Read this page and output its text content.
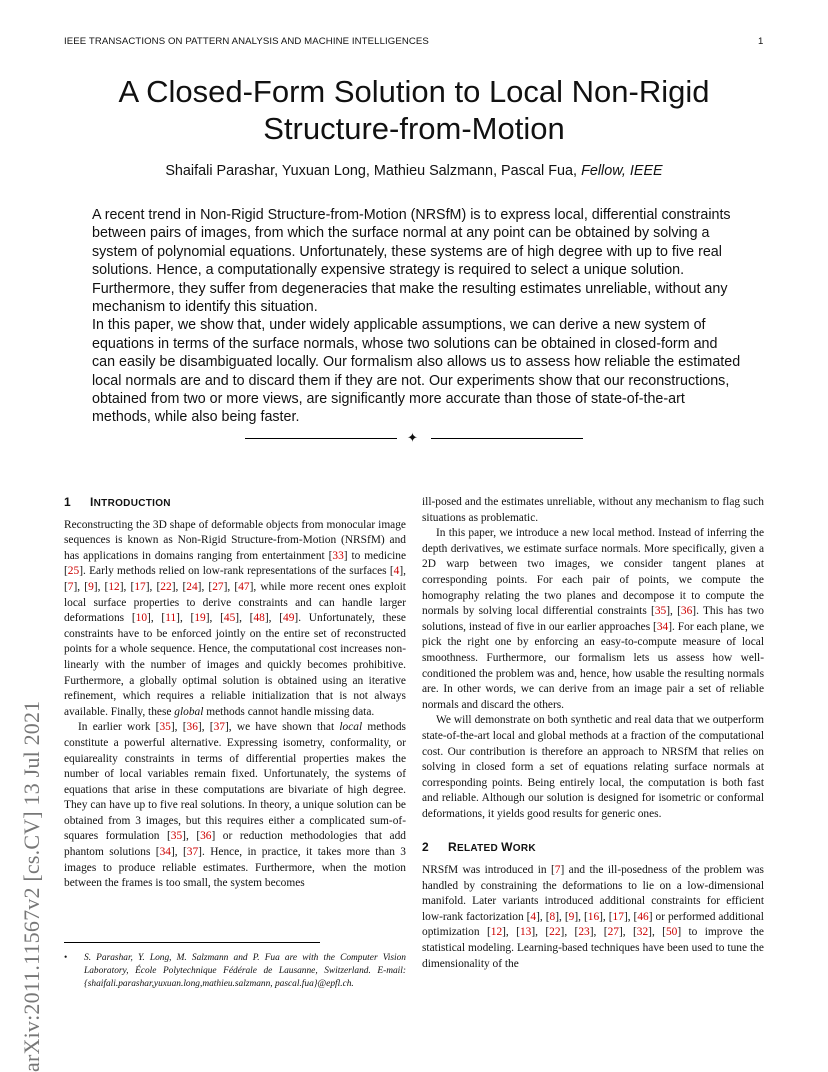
IEEE TRANSACTIONS ON PATTERN ANALYSIS AND MACHINE INTELLIGENCES	1
A Closed-Form Solution to Local Non-Rigid
Structure-from-Motion
Shaifali Parashar, Yuxuan Long, Mathieu Salzmann, Pascal Fua, Fellow, IEEE

A recent trend in Non-Rigid Structure-from-Motion (NRSfM) is to express local, differential constraints between pairs of images, from which the surface normal at any point can be obtained by solving a system of polynomial equations. Unfortunately, these systems are of high degree with up to five real solutions. Hence, a computationally expensive strategy is required to select a unique solution. Furthermore, they suffer from degeneracies that make the resulting estimates unreliable, without any mechanism to identify this situation.

In this paper, we show that, under widely applicable assumptions, we can derive a new system of equations in terms of the surface normals, whose two solutions can be obtained in closed-form and can easily be disambiguated locally. Our formalism also allows us to assess how reliable the estimated local normals are and to discard them if they are not. Our experiments show that our reconstructions, obtained from two or more views, are significantly more accurate than those of state-of-the-art methods, while also being faster.

✦
arXiv:2011.11567v2 [cs.CV] 13 Jul 2021
1 INTRODUCTION

Reconstructing the 3D shape of deformable objects from monocular image sequences is known as Non-Rigid Structure-from-Motion (NRSfM) and has applications in domains ranging from entertainment [33] to medicine [25]. Early methods relied on low-rank representations of the surfaces [4], [7], [9], [12], [17], [22], [24], [27], [47], while more recent ones exploit local surface properties to derive constraints and can handle larger deformations [10], [11], [19], [45], [48], [49]. Unfortunately, these constraints have to be enforced jointly on the entire set of reconstructed points for a whole sequence. Hence, the computational cost increases non-linearly with the number of images and quickly becomes prohibitive. Furthermore, a globally optimal solution is obtained using an iterative refinement, which requires a reliable initialization that is not always available. Finally, these global methods cannot handle missing data.

In earlier work [35], [36], [37], we have shown that local methods constitute a powerful alternative. Expressing isometry, conformality, or equiareality constraints in terms of differential properties makes the number of local variables remain fixed. Unfortunately, the systems of equations that arise in these computations are bivariate of high degree. They can have up to five real solutions. In theory, a unique solution can be obtained from 3 images, but this requires either a complicated sum-of-squares formulation [35], [36] or reduction methodologies that add phantom solutions [34], [37]. Hence, in practice, it takes more than 3 images to produce reliable estimates. Furthermore, when the motion between the frames is too small, the system becomes

• S. Parashar, Y. Long, M. Salzmann and P. Fua are with the Computer Vision Laboratory, École Polytechnique Fédérale de Lausanne, Switzerland. E-mail: {shaifali.parashar,yuxuan.long,mathieu.salzmann, pascal.fua}@epfl.ch.

ill-posed and the estimates unreliable, without any mechanism to flag such situations as problematic.

In this paper, we introduce a new local method. Instead of inferring the depth derivatives, we estimate surface normals. More specifically, given a 2D warp between two images, we consider tangent planes at corresponding points. For each pair of points, we compute the homography relating the two planes and decompose it to compute the normals by solving local differential constraints [35], [36]. This has two solutions, instead of five in our earlier approaches [34]. For each plane, we pick the right one by enforcing an easy-to-compute measure of local smoothness. Furthermore, our formalism lets us assess how well-conditioned the problem was and, hence, how usable the resulting normals are. In other words, we can derive from an image pair a set of reliable normals and discard the others.

We will demonstrate on both synthetic and real data that we outperform state-of-the-art local and global methods at a fraction of the computational cost. Our contribution is therefore an approach to NRSfM that relies on solving in closed form a set of equations relating surface normals at corresponding points. Being entirely local, the computation is both fast and reliable. Although our solution is designed for isometric or conformal deformations, it yields good results for generic ones.

2 RELATED WORK

NRSfM was introduced in [7] and the ill-posedness of the problem was handled by constraining the deformations to lie on a low-dimensional manifold. Later variants introduced additional constraints for efficient low-rank factorization [4], [8], [9], [16], [17], [46] or performed additional optimization [12], [13], [22], [23], [27], [32], [50] to improve the statistical modeling. Learning-based techniques have been used to tune the dimensionality of the
